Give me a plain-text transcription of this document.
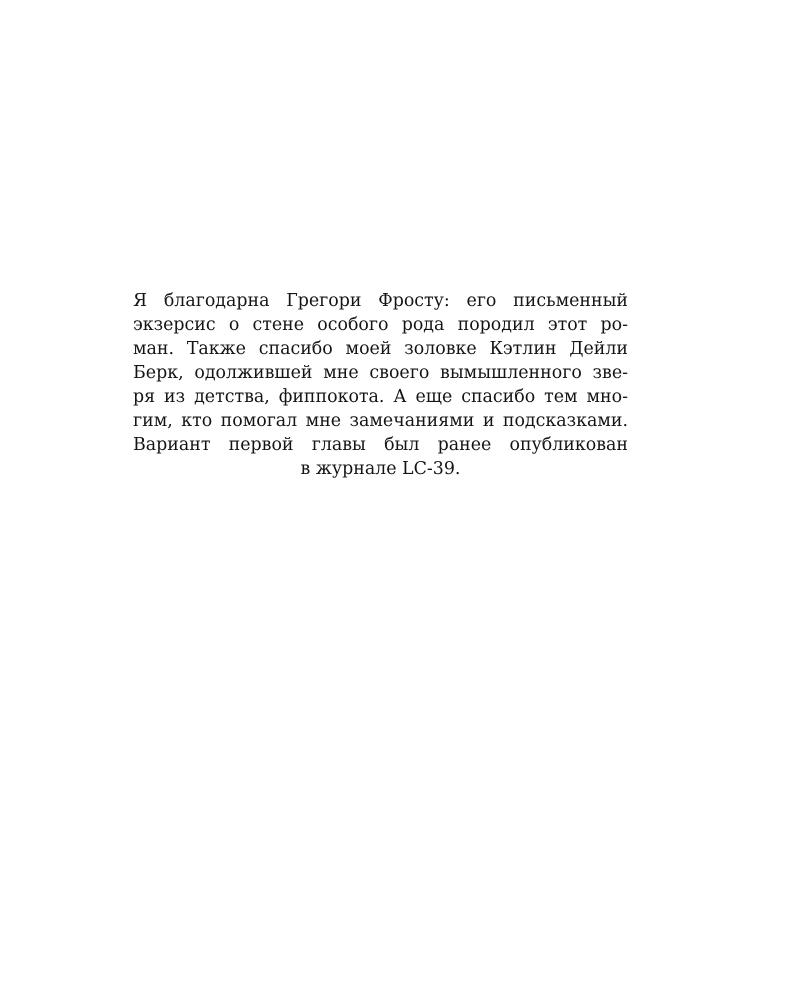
Я благодарна Грегори Фросту: его письменный
экзерсис о стене особого рода породил этот ро-
ман. Также спасибо моей золовке Кэтлин Дейли
Берк, одолжившей мне своего вымышленного зве-
ря из детства, фиппокота. А еще спасибо тем мно-
гим, кто помогал мне замечаниями и подсказками.
Вариант первой главы был ранее опубликован
в журнале LC-39.
